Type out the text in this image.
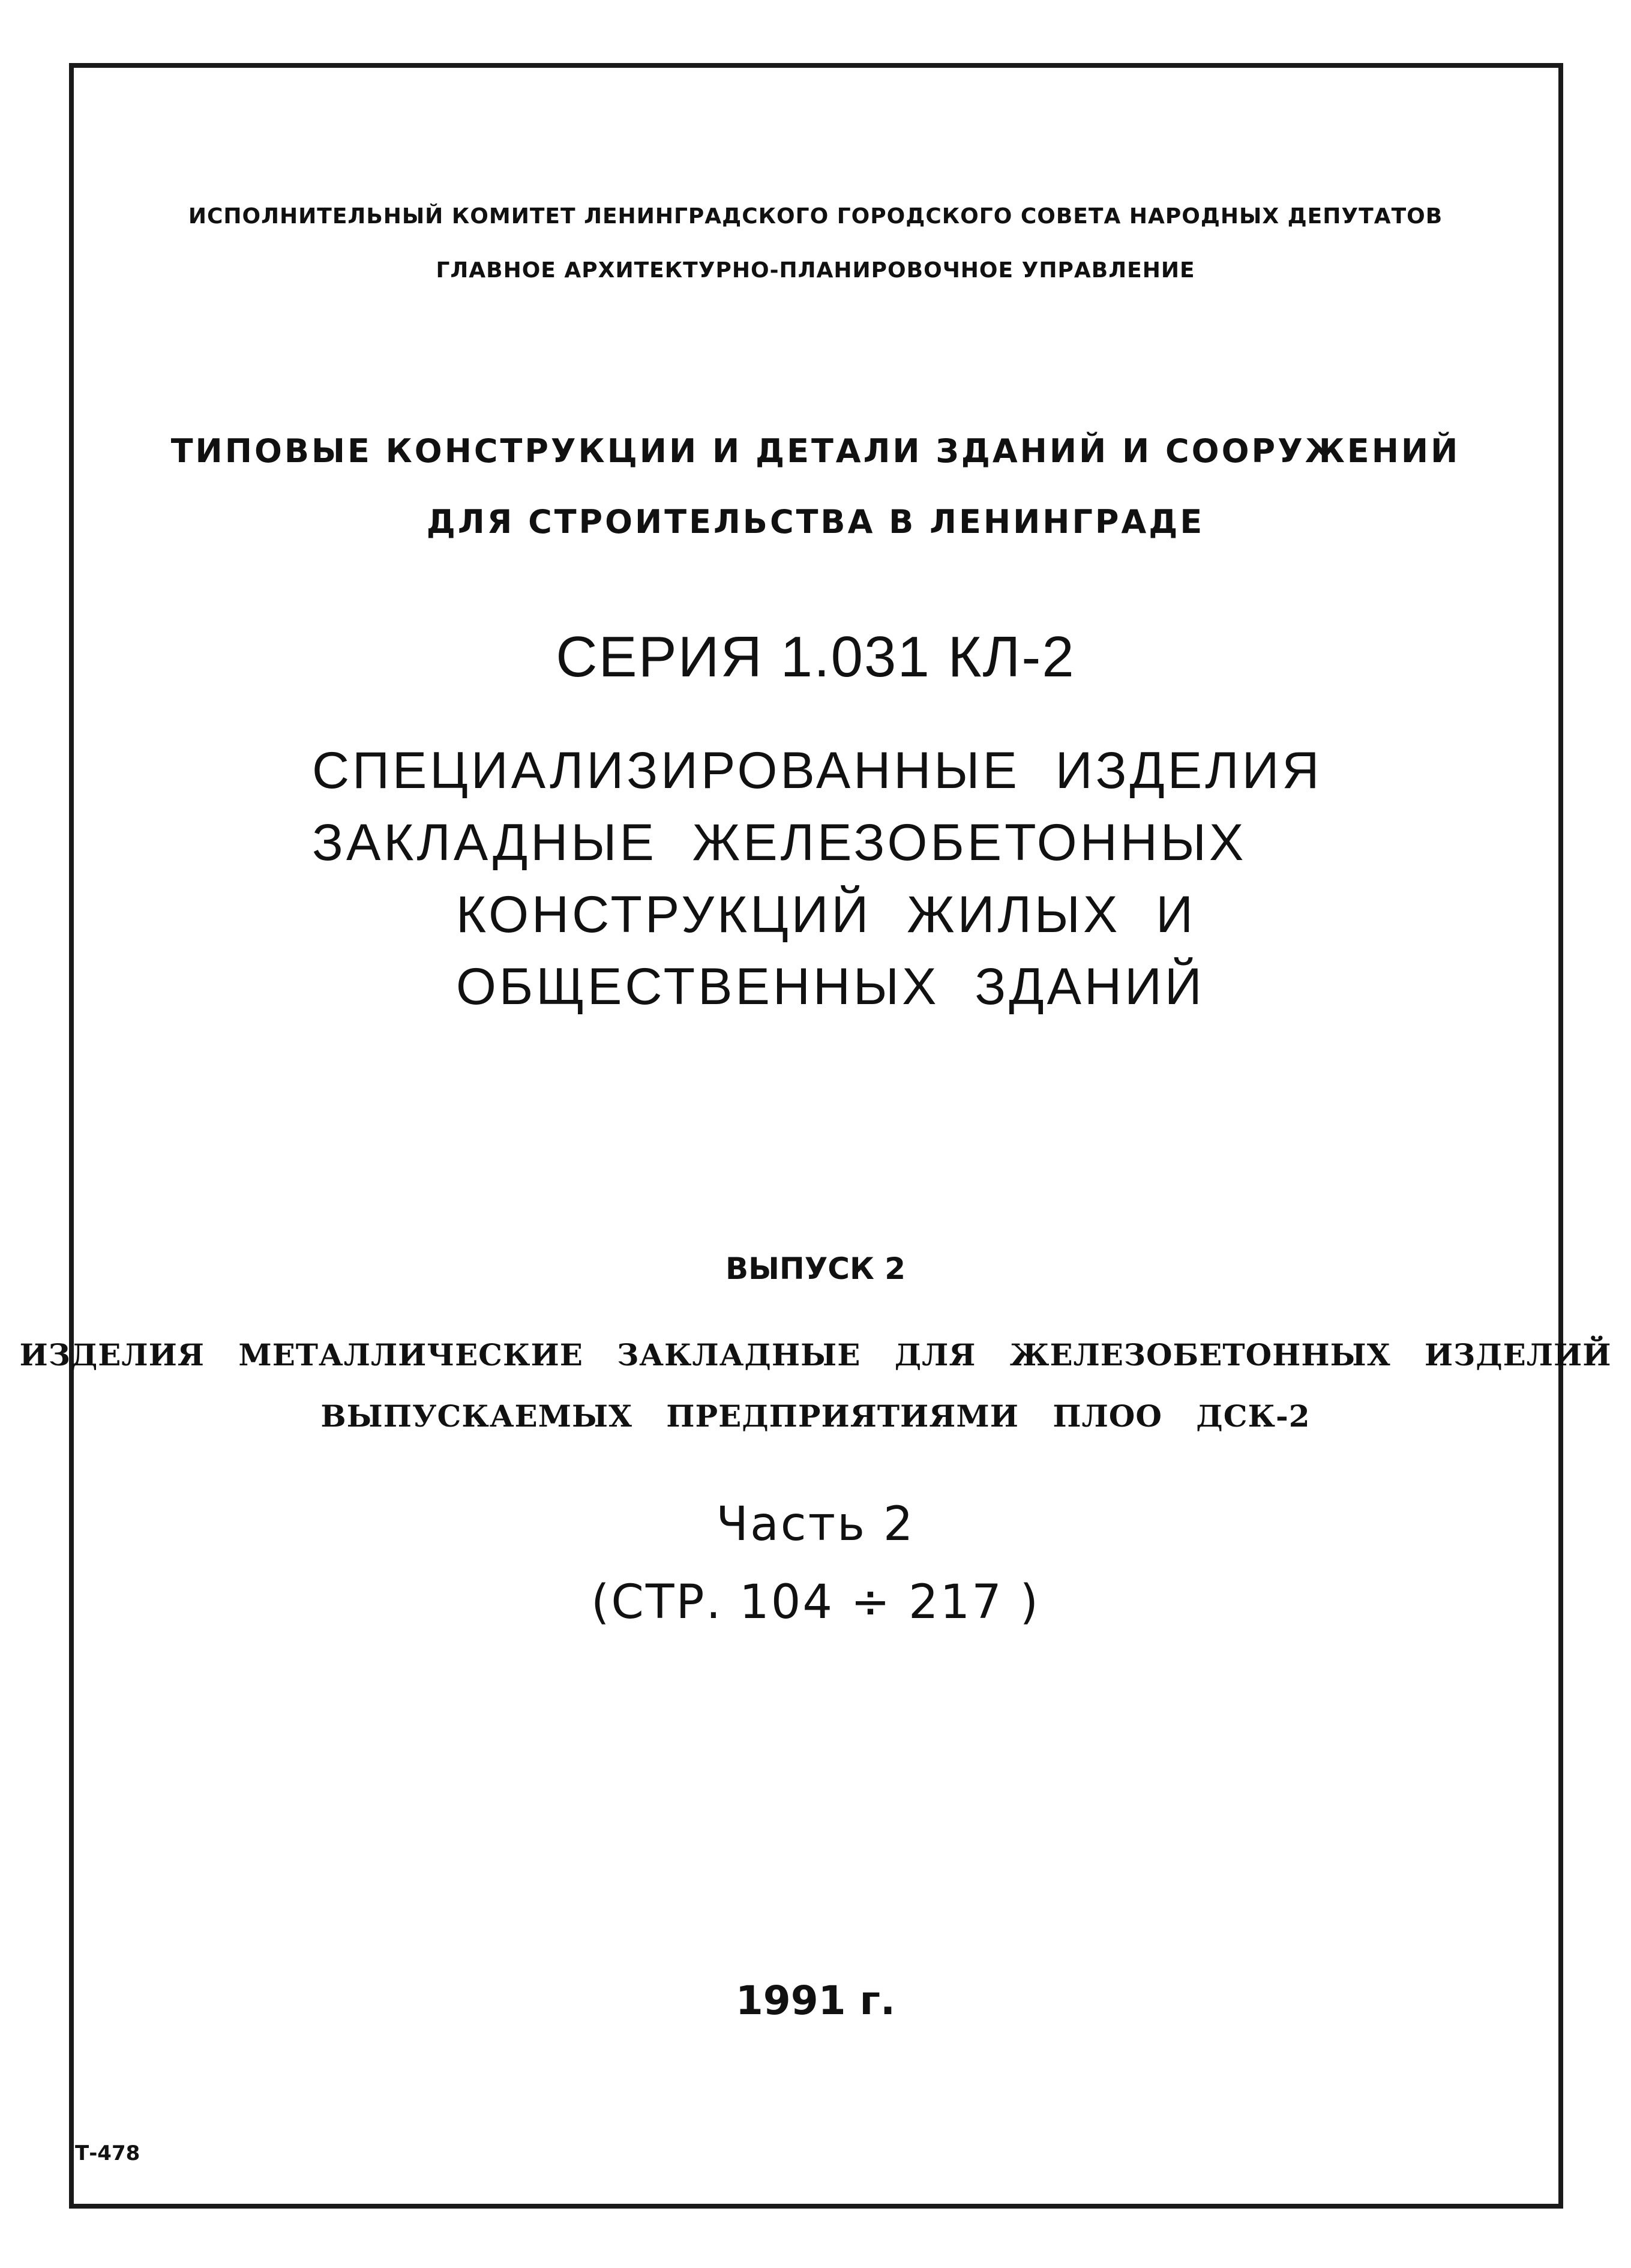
ИСПОЛНИТЕЛЬНЫЙ КОМИТЕТ ЛЕНИНГРАДСКОГО ГОРОДСКОГО СОВЕТА НАРОДНЫХ ДЕПУТАТОВ
ГЛАВНОЕ АРХИТЕКТУРНО-ПЛАНИРОВОЧНОЕ УПРАВЛЕНИЕ
ТИПОВЫЕ КОНСТРУКЦИИ И ДЕТАЛИ ЗДАНИЙ И СООРУЖЕНИЙ
ДЛЯ СТРОИТЕЛЬСТВА В ЛЕНИНГРАДЕ
СЕРИЯ 1.031 КЛ-2
СПЕЦИАЛИЗИРОВАННЫЕ ИЗДЕЛИЯ
ЗАКЛАДНЫЕ ЖЕЛЕЗОБЕТОННЫХ
КОНСТРУКЦИЙ ЖИЛЫХ И
ОБЩЕСТВЕННЫХ ЗДАНИЙ
ВЫПУСК 2
ИЗДЕЛИЯ МЕТАЛЛИЧЕСКИЕ ЗАКЛАДНЫЕ ДЛЯ ЖЕЛЕЗОБЕТОННЫХ ИЗДЕЛИЙ
ВЫПУСКАЕМЫХ ПРЕДПРИЯТИЯМИ ПЛОО ДСК-2
Часть 2
(СТР. 104 ÷ 217 )
1991 г.
Т-478
